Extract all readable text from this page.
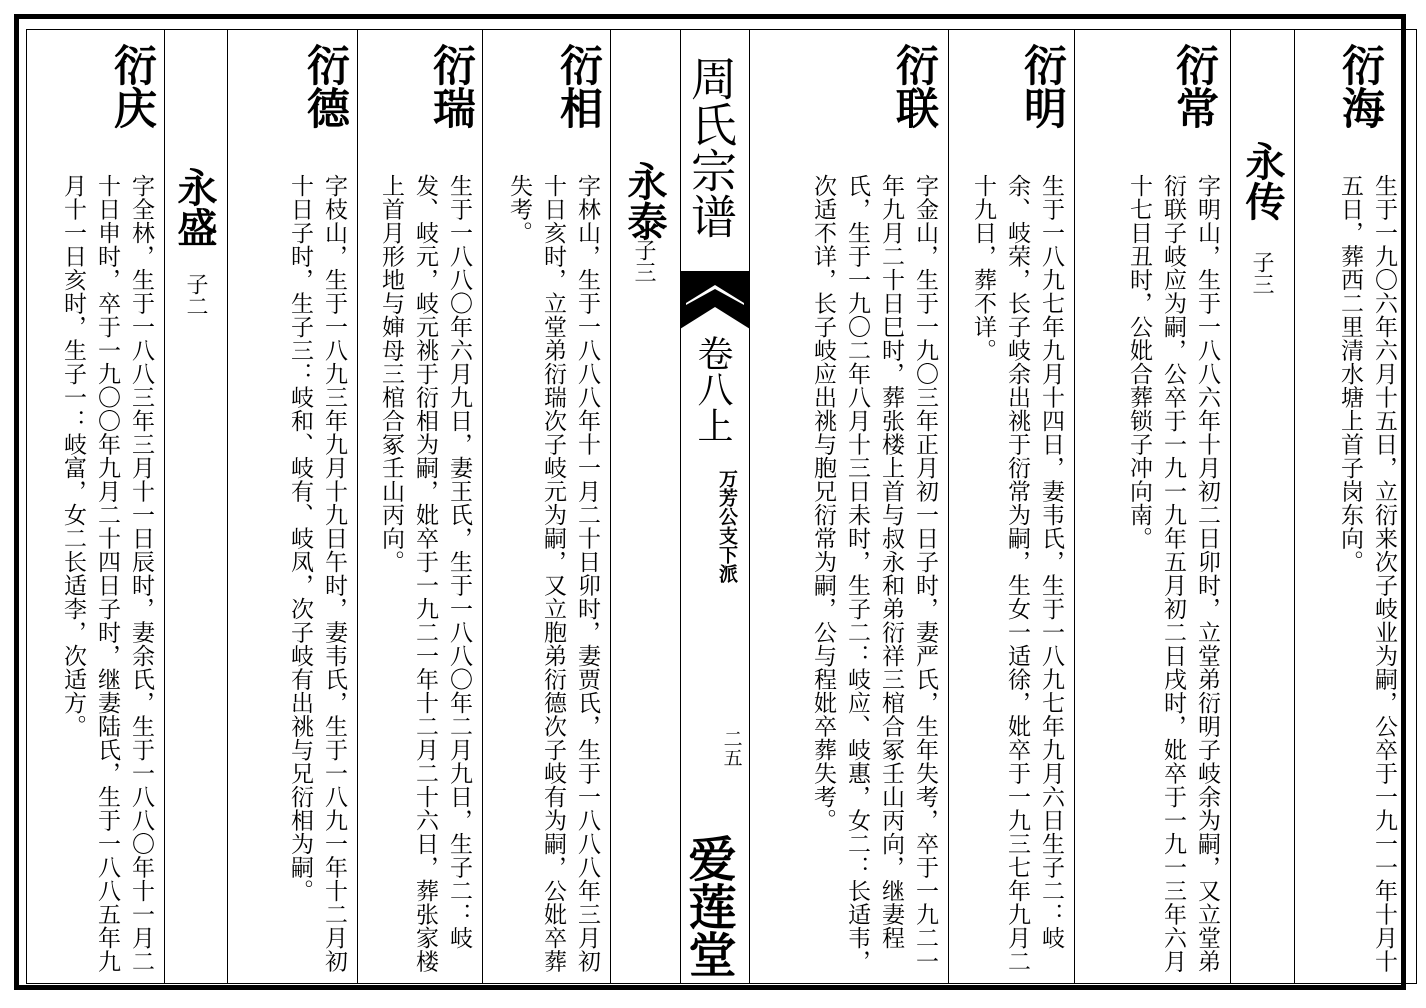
衍海
生于一九〇六年六月十五日，立衍来次子岐业为嗣，公卒于一九一一年十月十五日，葬西二里清水塘上首子岗东向。
永传
子三
衍常
字明山，生于一八八六年十月初二日卯时，立堂弟衍明子岐余为嗣，又立堂弟衍联子岐应为嗣，公卒于一九一九年五月初二日戌时，妣卒于一九一三年六月十七日丑时，公妣合葬锁子冲向南。
衍明
生于一八九七年九月十四日，妻韦氏，生于一八九七年九月六日生子二：岐余、岐荣，长子岐余出祧于衍常为嗣，生女一适徐，妣卒于一九三七年九月二十九日，葬不详。
衍联
字金山，生于一九〇三年正月初一日子时，妻严氏，生年失考，卒于一九二一年九月二十日巳时，葬张楼上首与叔永和弟衍祥三棺合冢壬山丙向，继妻程氏，生于一九〇二年八月十三日未时，生子二：岐应、岐惠，女二：长适韦，次适不详，长子岐应出祧与胞兄衍常为嗣，公与程妣卒葬失考。
周氏宗谱
卷八上
万芳公支下派
二五
爱莲堂
永泰
子三
衍相
字林山，生于一八八八年十一月二十日卯时，妻贾氏，生于一八八八年三月初十日亥时，立堂弟衍瑞次子岐元为嗣，又立胞弟衍德次子岐有为嗣，公妣卒葬失考。
衍瑞
生于一八八〇年六月九日，妻王氏，生于一八八〇年二月九日，生子二：岐发、岐元，岐元祧于衍相为嗣，妣卒于一九二一年十二月二十六日，葬张家楼上首月形地与婶母三棺合冢壬山丙向。
衍德
字枝山，生于一八九三年九月十九日午时，妻韦氏，生于一八九一年十二月初十日子时，生子三：岐和、岐有、岐凤，次子岐有出祧与兄衍相为嗣。
永盛
子二
衍庆
字全林，生于一八八三年三月十一日辰时，妻余氏，生于一八八〇年十一月二十日申时，卒于一九〇〇年九月二十四日子时，继妻陆氏，生于一八八五年九月十一日亥时，生子一：岐富，女二长适李，次适方。
